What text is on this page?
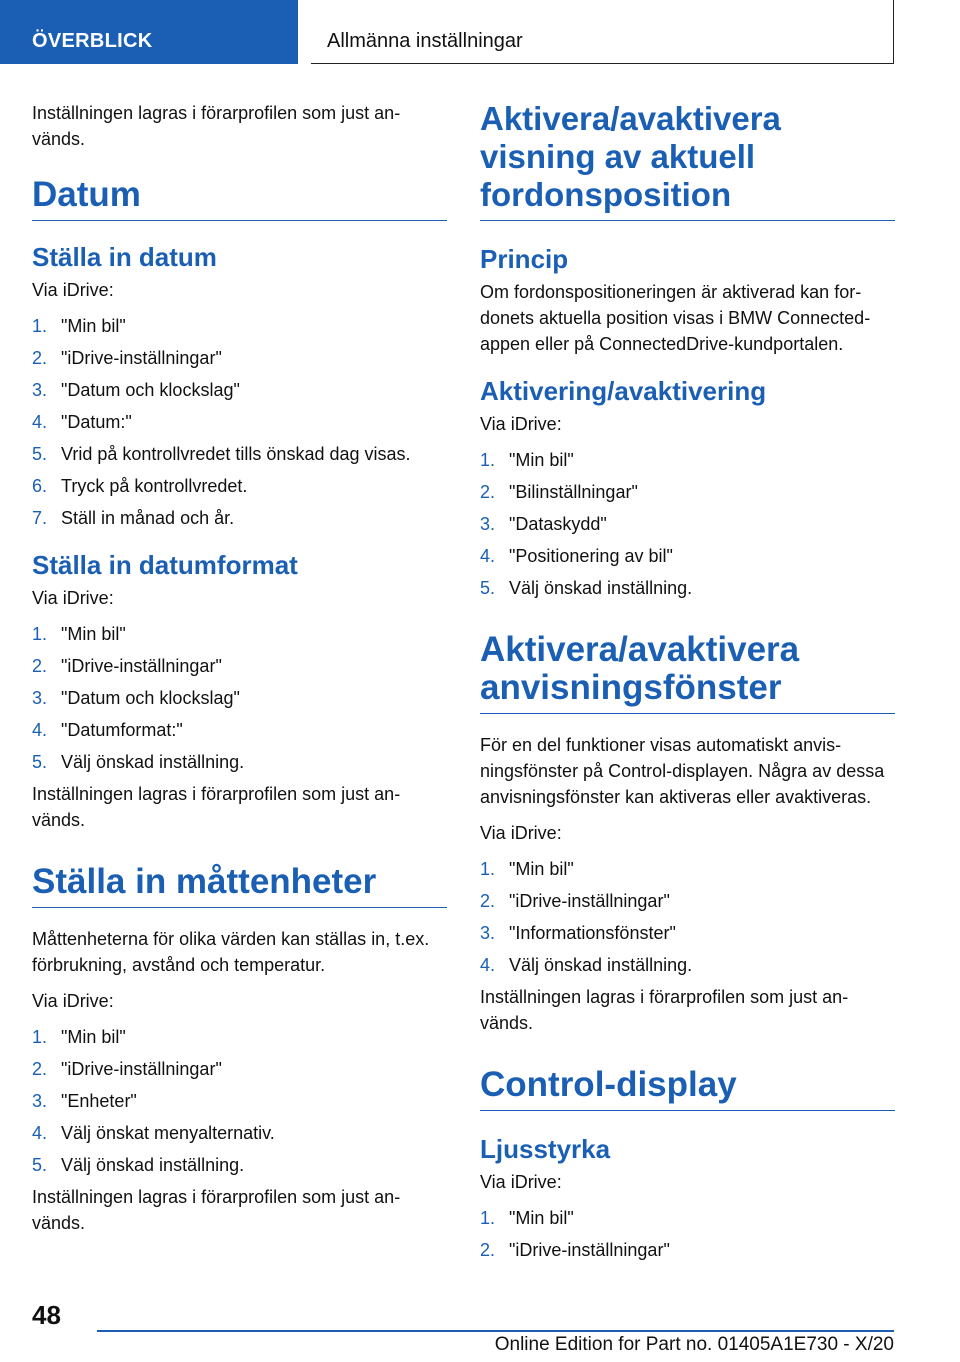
ÖVERBLICK	Allmänna inställningar

Inställningen lagras i förarprofilen som just används.

Datum
Ställa in datum

Via iDrive:

1. "Min bil"
2. "iDrive-inställningar"
3. "Datum och klockslag"
4. "Datum:"
5. Vrid på kontrollvredet tills önskad dag visas.
6. Tryck på kontrollvredet.
7. Ställ in månad och år.
Ställa in datumformat

Via iDrive:

1. "Min bil"
2. "iDrive-inställningar"
3. "Datum och klockslag"
4. "Datumformat:"
5. Välj önskad inställning.

Inställningen lagras i förarprofilen som just används.

Ställa in måttenheter

Måttenheterna för olika värden kan ställas in, t.ex. förbrukning, avstånd och temperatur.

Via iDrive:

1. "Min bil"
2. "iDrive-inställningar"
3. "Enheter"
4. Välj önskat menyalternativ.
5. Välj önskad inställning.

Inställningen lagras i förarprofilen som just används.

Aktivera/avaktivera visning av aktuell fordonsposition
Princip

Om fordonspositioneringen är aktiverad kan fordonets aktuella position visas i BMW Connected-appen eller på ConnectedDrive-kundportalen.

Aktivering/avaktivering

Via iDrive:

1. "Min bil"
2. "Bilinställningar"
3. "Dataskydd"
4. "Positionering av bil"
5. Välj önskad inställning.
Aktivera/avaktivera anvisningsfönster

För en del funktioner visas automatiskt anvisningsfönster på Control-displayen. Några av dessa anvisningsfönster kan aktiveras eller avaktiveras.

Via iDrive:

1. "Min bil"
2. "iDrive-inställningar"
3. "Informationsfönster"
4. Välj önskad inställning.

Inställningen lagras i förarprofilen som just används.

Control-display
Ljusstyrka

Via iDrive:

1. "Min bil"
2. "iDrive-inställningar"
48
Online Edition for Part no. 01405A1E730 - X/20
